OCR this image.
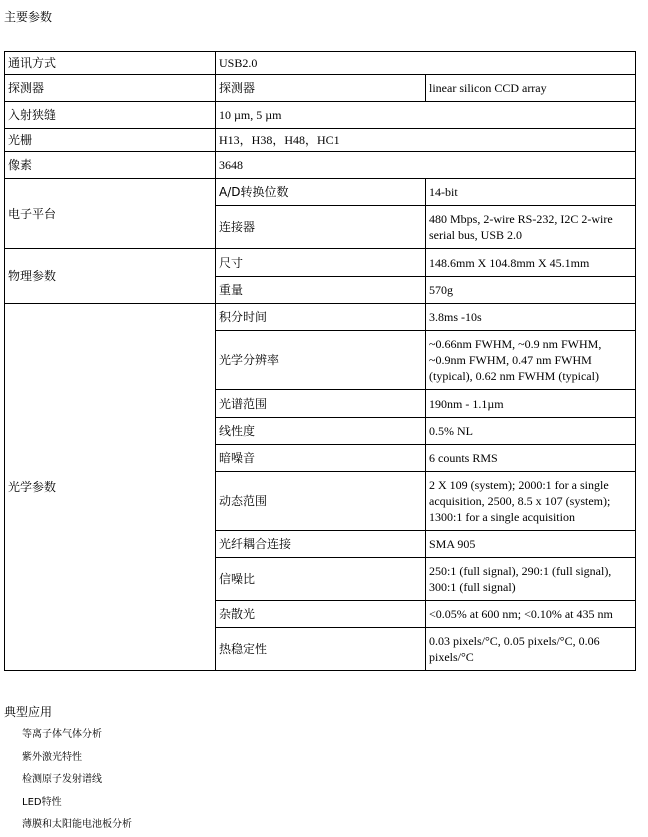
主要参数
通讯方式	USB2.0	
探测器	探测器	linear silicon CCD array
入射狭缝	10 µm, 5 µm	
光栅	H13，H38，H48，HC1	
像素	3648	
电子平台	A/D转换位数	14-bit
	连接器	480 Mbps, 2-wire RS-232, I2C 2-wire serial bus, USB 2.0
物理参数	尺寸	148.6mm X 104.8mm X 45.1mm
	重量	570g
光学参数	积分时间	3.8ms -10s
	光学分辨率	~0.66nm FWHM, ~0.9 nm FWHM, ~0.9nm FWHM, 0.47 nm FWHM (typical), 0.62 nm FWHM (typical)
	光谱范围	190nm - 1.1µm
	线性度	0.5% NL
	暗噪音	6 counts RMS
	动态范围	2 X 109 (system); 2000:1 for a single acquisition, 2500, 8.5 x 107 (system); 1300:1 for a single acquisition
	光纤耦合连接	SMA 905
	信噪比	250:1 (full signal), 290:1 (full signal), 300:1 (full signal)
	杂散光	<0.05% at 600 nm; <0.10% at 435 nm
	热稳定性	0.03 pixels/°C, 0.05 pixels/°C, 0.06 pixels/°C
典型应用
等离子体气体分析
紫外激光特性
检测原子发射谱线
LED特性
薄膜和太阳能电池板分析
